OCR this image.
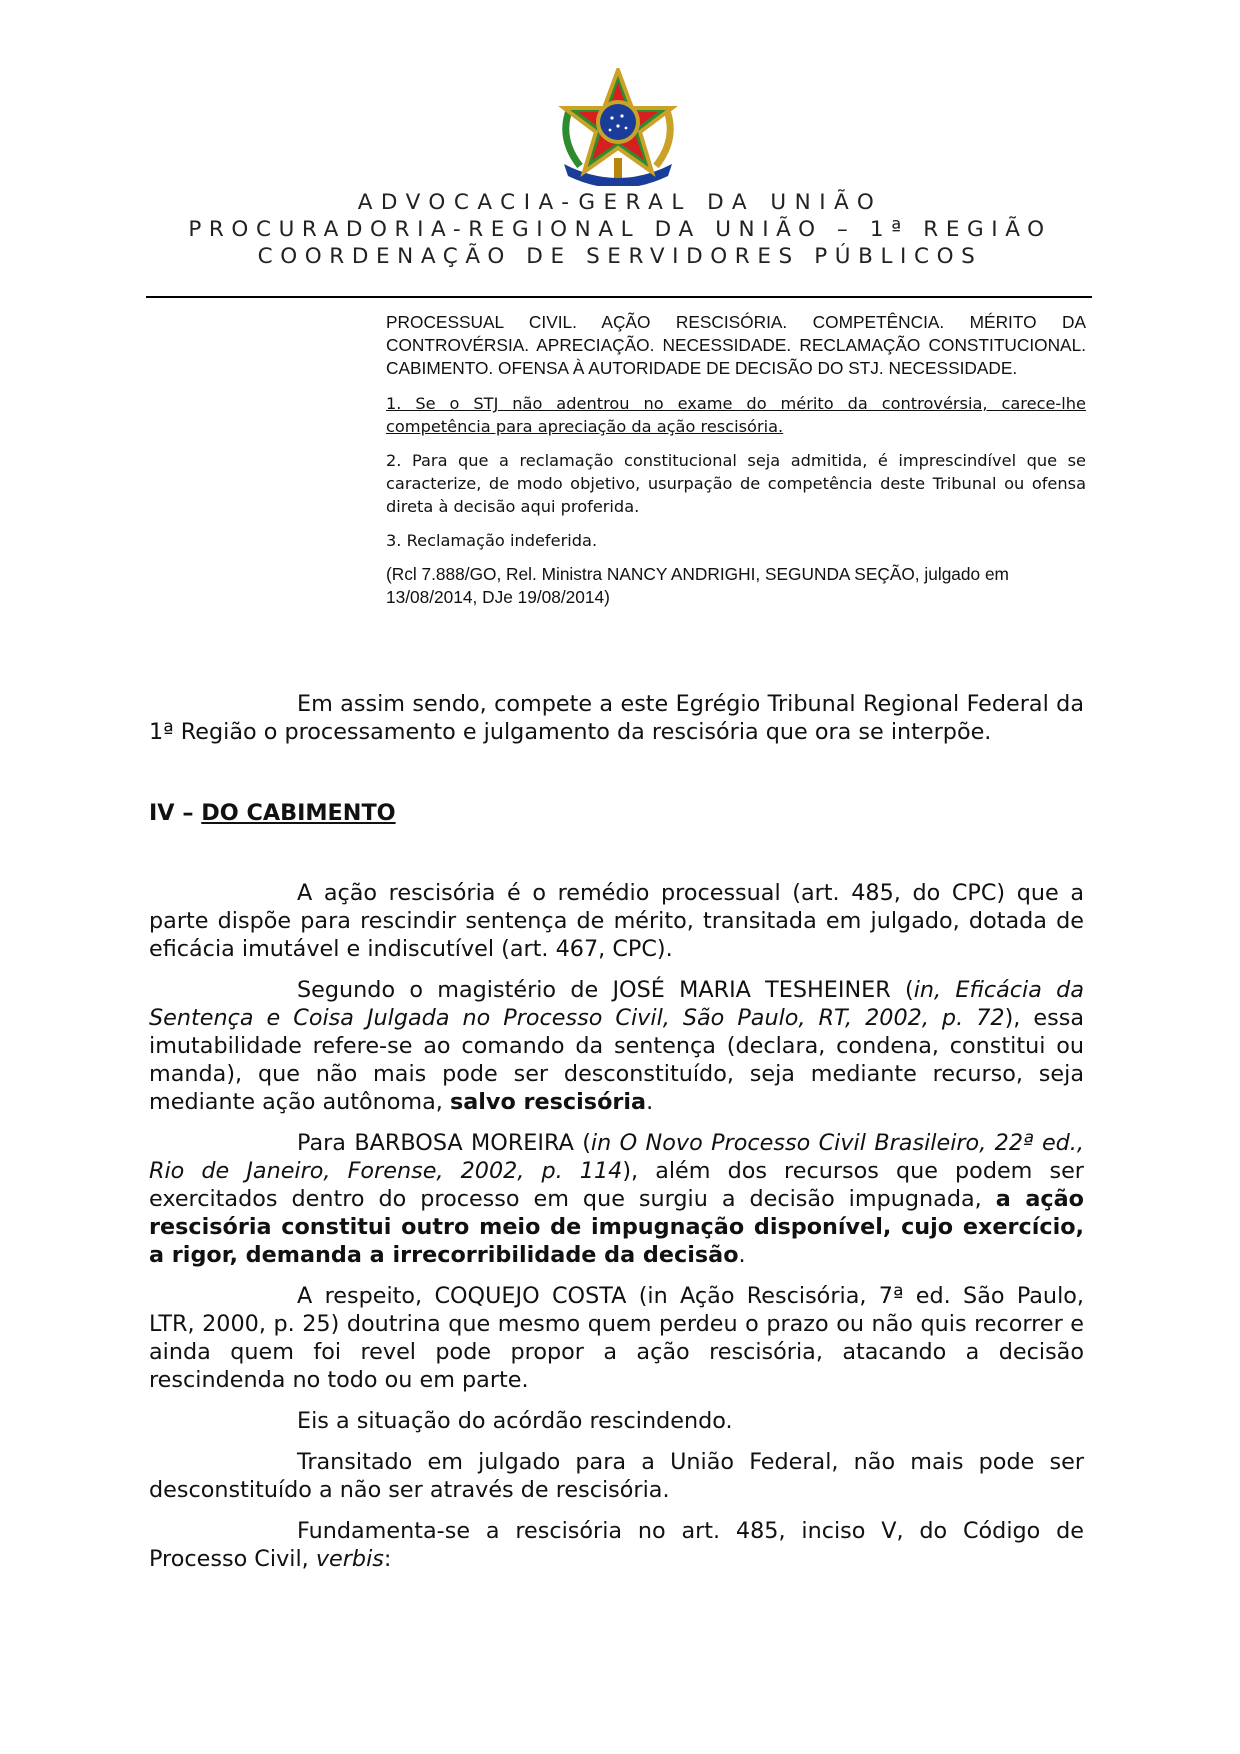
ADVOCACIA-GERAL DA UNIÃO
PROCURADORIA-REGIONAL DA UNIÃO – 1ª REGIÃO
COORDENAÇÃO DE SERVIDORES PÚBLICOS
PROCESSUAL CIVIL. AÇÃO RESCISÓRIA. COMPETÊNCIA. MÉRITO DA CONTROVÉRSIA. APRECIAÇÃO. NECESSIDADE. RECLAMAÇÃO CONSTITUCIONAL. CABIMENTO. OFENSA À AUTORIDADE DE DECISÃO DO STJ. NECESSIDADE.

1. Se o STJ não adentrou no exame do mérito da controvérsia, carece-lhe competência para apreciação da ação rescisória.

2. Para que a reclamação constitucional seja admitida, é imprescindível que se caracterize, de modo objetivo, usurpação de competência deste Tribunal ou ofensa direta à decisão aqui proferida.

3. Reclamação indeferida.

(Rcl 7.888/GO, Rel. Ministra NANCY ANDRIGHI, SEGUNDA SEÇÃO, julgado em 13/08/2014, DJe 19/08/2014)

Em assim sendo, compete a este Egrégio Tribunal Regional Federal da 1ª Região o processamento e julgamento da rescisória que ora se interpõe.

IV – DO CABIMENTO

A ação rescisória é o remédio processual (art. 485, do CPC) que a parte dispõe para rescindir sentença de mérito, transitada em julgado, dotada de eficácia imutável e indiscutível (art. 467, CPC).

Segundo o magistério de JOSÉ MARIA TESHEINER (in, Eficácia da Sentença e Coisa Julgada no Processo Civil, São Paulo, RT, 2002, p. 72), essa imutabilidade refere-se ao comando da sentença (declara, condena, constitui ou manda), que não mais pode ser desconstituído, seja mediante recurso, seja mediante ação autônoma, salvo rescisória.

Para BARBOSA MOREIRA (in O Novo Processo Civil Brasileiro, 22ª ed., Rio de Janeiro, Forense, 2002, p. 114), além dos recursos que podem ser exercitados dentro do processo em que surgiu a decisão impugnada, a ação rescisória constitui outro meio de impugnação disponível, cujo exercício, a rigor, demanda a irrecorribilidade da decisão.

A respeito, COQUEJO COSTA (in Ação Rescisória, 7ª ed. São Paulo, LTR, 2000, p. 25) doutrina que mesmo quem perdeu o prazo ou não quis recorrer e ainda quem foi revel pode propor a ação rescisória, atacando a decisão rescindenda no todo ou em parte.

Eis a situação do acórdão rescindendo.

Transitado em julgado para a União Federal, não mais pode ser desconstituído a não ser através de rescisória.

Fundamenta-se a rescisória no art. 485, inciso V, do Código de Processo Civil, verbis:
